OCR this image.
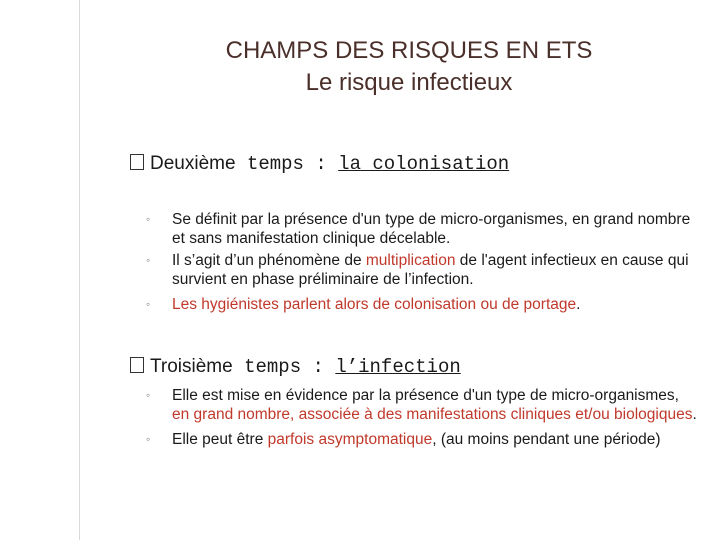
CHAMPS DES RISQUES EN ETS
Le risque infectieux
Deuxième temps : la colonisation
◦	Se définit par la présence d'un type de micro-organismes, en grand nombre et sans manifestation clinique décelable.
◦	Il s’agit d’un phénomène de multiplication de l'agent infectieux en cause qui survient en phase préliminaire de l’infection.
◦	Les hygiénistes parlent alors de colonisation ou de portage.
Troisième temps : l’infection
◦	Elle est mise en évidence par la présence d'un type de micro-organismes, en grand nombre, associée à des manifestations cliniques et/ou biologiques.
◦	Elle peut être parfois asymptomatique, (au moins pendant une période)
